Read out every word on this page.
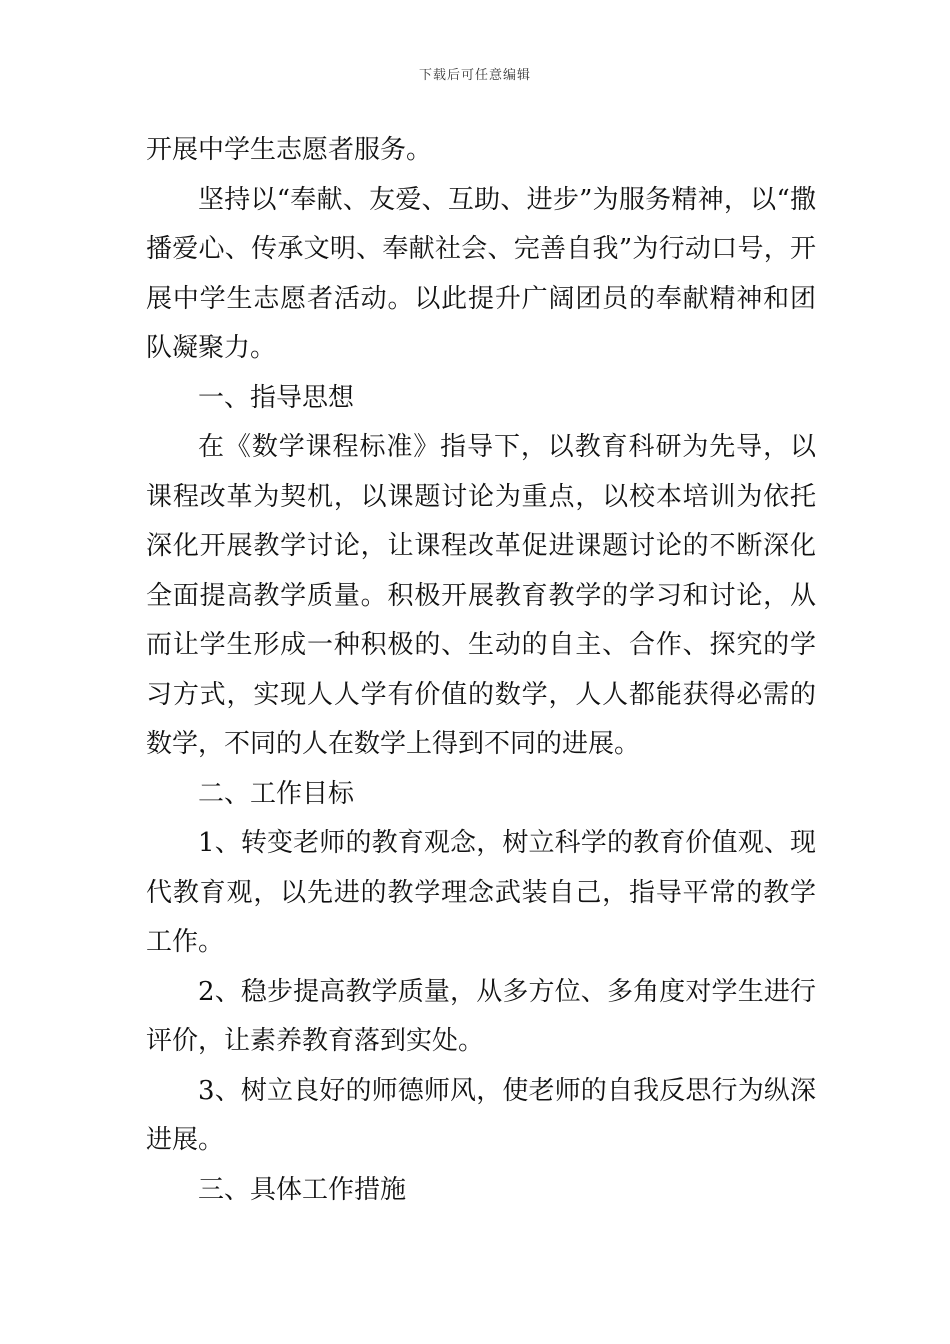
下载后可任意编辑

开展中学生志愿者服务。

坚持以“奉献、友爱、互助、进步”为服务精神，以“撒播爱心、传承文明、奉献社会、完善自我”为行动口号，开展中学生志愿者活动。以此提升广阔团员的奉献精神和团队凝聚力。

一、指导思想

在《数学课程标准》指导下，以教育科研为先导，以课程改革为契机，以课题讨论为重点，以校本培训为依托深化开展教学讨论，让课程改革促进课题讨论的不断深化全面提高教学质量。积极开展教育教学的学习和讨论，从而让学生形成一种积极的、生动的自主、合作、探究的学习方式，实现人人学有价值的数学，人人都能获得必需的数学，不同的人在数学上得到不同的进展。

二、工作目标

1、转变老师的教育观念，树立科学的教育价值观、现代教育观，以先进的教学理念武装自己，指导平常的教学工作。

2、稳步提高教学质量，从多方位、多角度对学生进行评价，让素养教育落到实处。

3、树立良好的师德师风，使老师的自我反思行为纵深进展。

三、具体工作措施
